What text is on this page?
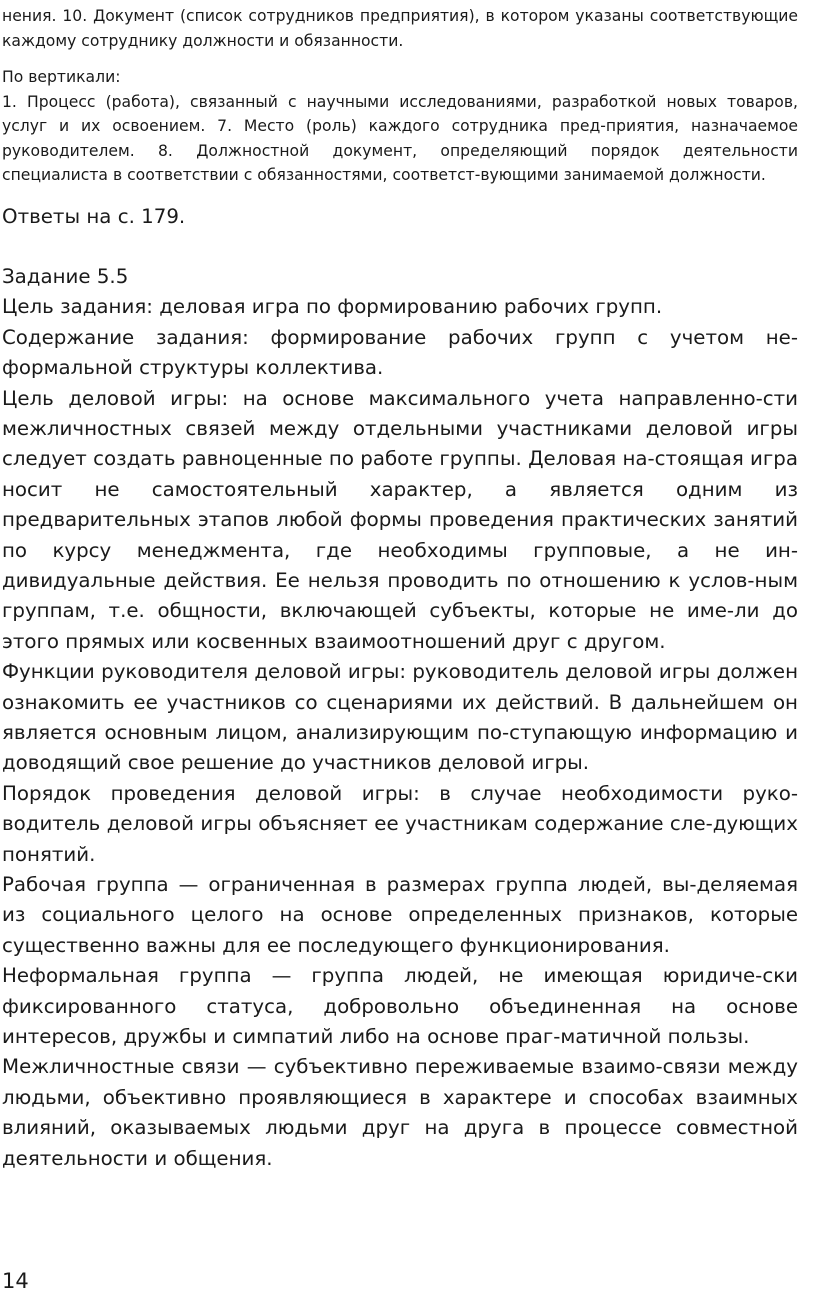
нения. 10. Документ (список сотрудников предприятия), в котором указаны соответствующие каждому сотруднику должности и обязанности.

По вертикали:

1. Процесс (работа), связанный с научными исследованиями, разработкой новых товаров, услуг и их освоением. 7. Место (роль) каждого сотрудника пред-приятия, назначаемое руководителем. 8. Должностной документ, определяющий порядок деятельности специалиста в соответствии с обязанностями, соответст-вующими занимаемой должности.

Ответы на с. 179.

Задание 5.5

Цель задания: деловая игра по формированию рабочих групп.

Содержание задания: формирование рабочих групп с учетом не-формальной структуры коллектива.

Цель деловой игры: на основе максимального учета направленно-сти межличностных связей между отдельными участниками деловой игры следует создать равноценные по работе группы. Деловая на-стоящая игра носит не самостоятельный характер, а является одним из предварительных этапов любой формы проведения практических занятий по курсу менеджмента, где необходимы групповые, а не ин-дивидуальные действия. Ее нельзя проводить по отношению к услов-ным группам, т.е. общности, включающей субъекты, которые не име-ли до этого прямых или косвенных взаимоотношений друг с другом.

Функции руководителя деловой игры: руководитель деловой игры должен ознакомить ее участников со сценариями их действий. В дальнейшем он является основным лицом, анализирующим по-ступающую информацию и доводящий свое решение до участников деловой игры.

Порядок проведения деловой игры: в случае необходимости руко-водитель деловой игры объясняет ее участникам содержание сле-дующих понятий.

Рабочая группа — ограниченная в размерах группа людей, вы-деляемая из социального целого на основе определенных признаков, которые существенно важны для ее последующего функционирования.

Неформальная группа — группа людей, не имеющая юридиче-ски фиксированного статуса, добровольно объединенная на основе интересов, дружбы и симпатий либо на основе праг-матичной пользы.

Межличностные связи — субъективно переживаемые взаимо-связи между людьми, объективно проявляющиеся в характере и способах взаимных влияний, оказываемых людьми друг на друга в процессе совместной деятельности и общения.

14
